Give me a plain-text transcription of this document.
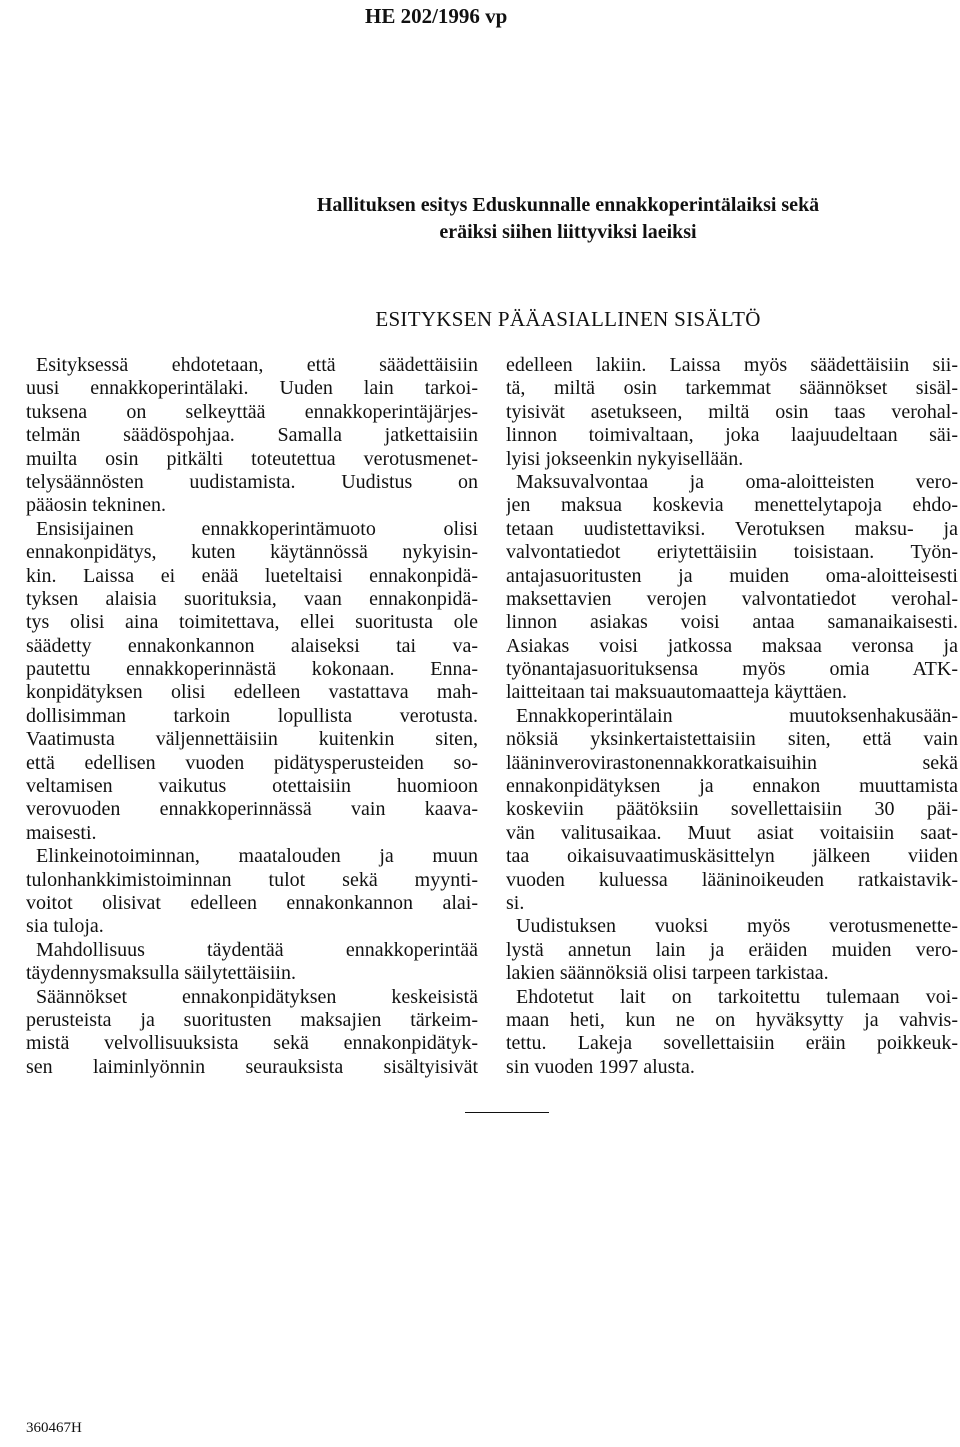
HE 202/1996 vp
Hallituksen esitys Eduskunnalle ennakkoperintälaiksi sekä
eräiksi siihen liittyviksi laeiksi
ESITYKSEN PÄÄASIALLINEN SISÄLTÖ
Esityksessä ehdotetaan, että säädettäisiin
uusi ennakkoperintälaki. Uuden lain tarkoi-
tuksena on selkeyttää ennakkoperintäjärjes-
telmän säädöspohjaa. Samalla jatkettaisiin
muilta osin pitkälti toteutettua verotusmenet-
telysäännösten uudistamista. Uudistus on
pääosin tekninen.
Ensisijainen ennakkoperintämuoto olisi
ennakonpidätys, kuten käytännössä nykyisin-
kin. Laissa ei enää lueteltaisi ennakonpidä-
tyksen alaisia suorituksia, vaan ennakonpidä-
tys olisi aina toimitettava, ellei suoritusta ole
säädetty ennakonkannon alaiseksi tai va-
pautettu ennakkoperinnästä kokonaan. Enna-
konpidätyksen olisi edelleen vastattava mah-
dollisimman tarkoin lopullista verotusta.
Vaatimusta väljennettäisiin kuitenkin siten,
että edellisen vuoden pidätysperusteiden so-
veltamisen vaikutus otettaisiin huomioon
verovuoden ennakkoperinnässä vain kaava-
maisesti.
Elinkeinotoiminnan, maatalouden ja muun
tulonhankkimistoiminnan tulot sekä myynti-
voitot olisivat edelleen ennakonkannon alai-
sia tuloja.
Mahdollisuus täydentää ennakkoperintää
täydennysmaksulla säilytettäisiin.
Säännökset ennakonpidätyksen keskeisistä
perusteista ja suoritusten maksajien tärkeim-
mistä velvollisuuksista sekä ennakonpidätyk-
sen laiminlyönnin seurauksista sisältyisivät
edelleen lakiin. Laissa myös säädettäisiin sii-
tä, miltä osin tarkemmat säännökset sisäl-
tyisivät asetukseen, miltä osin taas verohal-
linnon toimivaltaan, joka laajuudeltaan säi-
lyisi jokseenkin nykyisellään.
Maksuvalvontaa ja oma-aloitteisten vero-
jen maksua koskevia menettelytapoja ehdo-
tetaan uudistettaviksi. Verotuksen maksu- ja
valvontatiedot eriytettäisiin toisistaan. Työn-
antajasuoritusten ja muiden oma-aloitteisesti
maksettavien verojen valvontatiedot verohal-
linnon asiakas voisi antaa samanaikaisesti.
Asiakas voisi jatkossa maksaa veronsa ja
työnantajasuorituksensa myös omia ATK-
laitteitaan tai maksuautomaatteja käyttäen.
Ennakkoperintälain muutoksenhakusään-
nöksiä yksinkertaistettaisiin siten, että vain
lääninverovirastonennakkoratkaisuihin sekä
ennakonpidätyksen ja ennakon muuttamista
koskeviin päätöksiin sovellettaisiin 30 päi-
vän valitusaikaa. Muut asiat voitaisiin saat-
taa oikaisuvaatimuskäsittelyn jälkeen viiden
vuoden kuluessa lääninoikeuden ratkaistavik-
si.
Uudistuksen vuoksi myös verotusmenette-
lystä annetun lain ja eräiden muiden vero-
lakien säännöksiä olisi tarpeen tarkistaa.
Ehdotetut lait on tarkoitettu tulemaan voi-
maan heti, kun ne on hyväksytty ja vahvis-
tettu. Lakeja sovellettaisiin eräin poikkeuk-
sin vuoden 1997 alusta.
360467H
